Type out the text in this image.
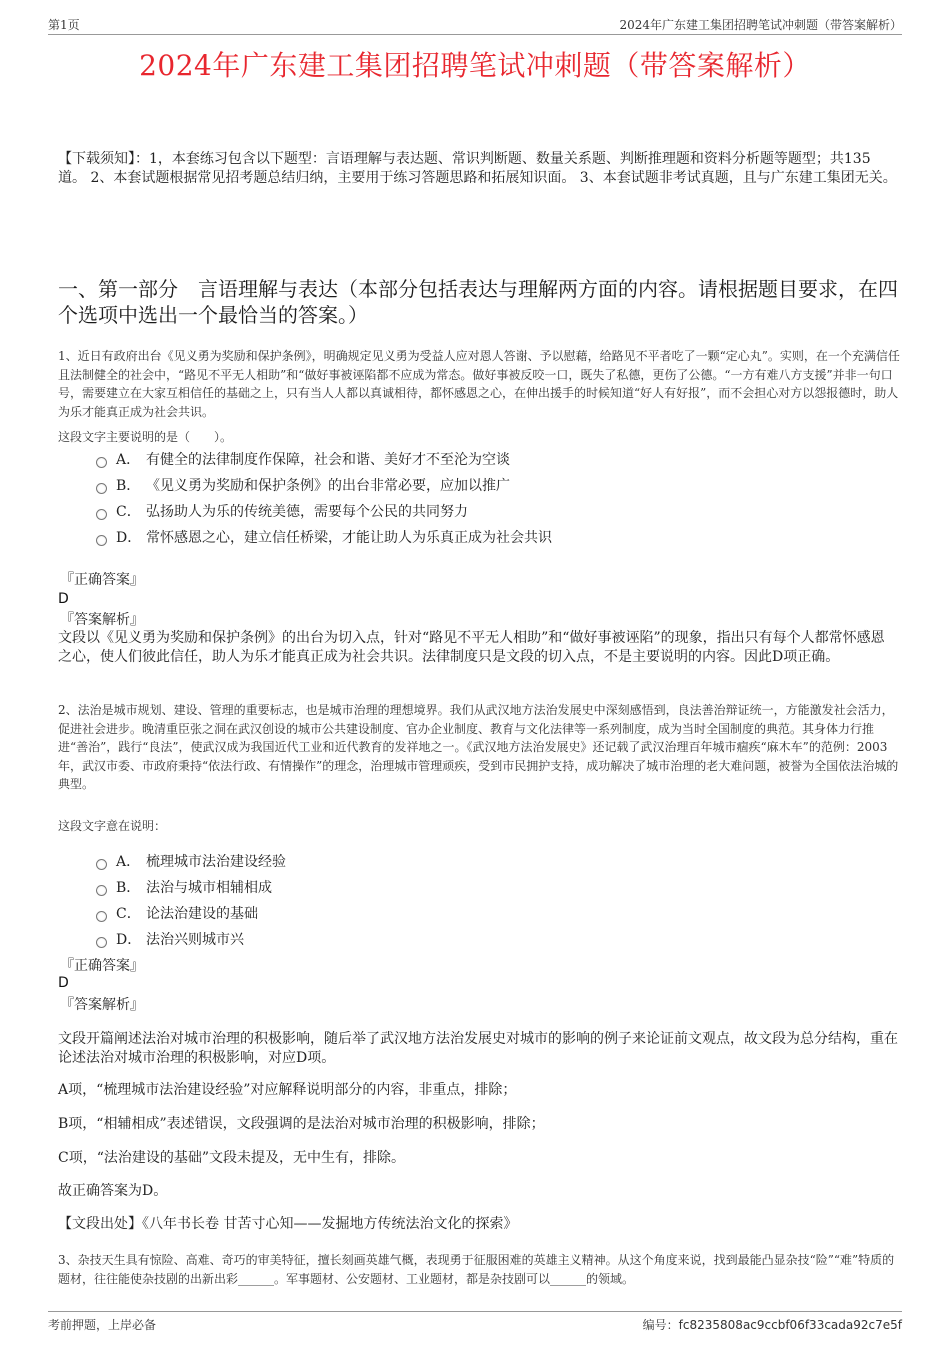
第1页	2024年广东建工集团招聘笔试冲刺题（带答案解析）
2024年广东建工集团招聘笔试冲刺题（带答案解析）
【下载须知】：1，本套练习包含以下题型：言语理解与表达题、常识判断题、数量关系题、判断推理题和资料分析题等题型；共135道。 2、本套试题根据常见招考题总结归纳，主要用于练习答题思路和拓展知识面。 3、本套试题非考试真题，且与广东建工集团无关。
一、第一部分　言语理解与表达（本部分包括表达与理解两方面的内容。请根据题目要求，在四个选项中选出一个最恰当的答案。）
1、近日有政府出台《见义勇为奖励和保护条例》，明确规定见义勇为受益人应对恩人答谢、予以慰藉，给路见不平者吃了一颗“定心丸”。实则，在一个充满信任且法制健全的社会中，“路见不平无人相助”和“做好事被诬陷都不应成为常态。做好事被反咬一口，既失了私德，更伤了公德。“一方有难八方支援”并非一句口号，需要建立在大家互相信任的基础之上，只有当人人都以真诚相待，都怀感恩之心，在伸出援手的时候知道“好人有好报”，而不会担心对方以怨报德时，助人为乐才能真正成为社会共识。
这段文字主要说明的是（　　）。
A． 有健全的法律制度作保障，社会和谐、美好才不至沦为空谈
B． 《见义勇为奖励和保护条例》的出台非常必要，应加以推广
C． 弘扬助人为乐的传统美德，需要每个公民的共同努力
D． 常怀感恩之心，建立信任桥梁，才能让助人为乐真正成为社会共识
『正确答案』
D
『答案解析』
文段以《见义勇为奖励和保护条例》的出台为切入点，针对“路见不平无人相助”和“做好事被诬陷”的现象，指出只有每个人都常怀感恩之心，使人们彼此信任，助人为乐才能真正成为社会共识。法律制度只是文段的切入点，不是主要说明的内容。因此D项正确。
2、法治是城市规划、建设、管理的重要标志，也是城市治理的理想境界。我们从武汉地方法治发展史中深刻感悟到，良法善治辩证统一，方能激发社会活力，促进社会进步。晚清重臣张之洞在武汉创设的城市公共建设制度、官办企业制度、教育与文化法律等一系列制度，成为当时全国制度的典范。其身体力行推进“善治”，践行“良法”，使武汉成为我国近代工业和近代教育的发祥地之一。《武汉地方法治发展史》还记载了武汉治理百年城市痼疾“麻木车”的范例：2003年，武汉市委、市政府秉持“依法行政、有情操作”的理念，治理城市管理顽疾，受到市民拥护支持，成功解决了城市治理的老大难问题，被誉为全国依法治城的典型。
这段文字意在说明：
A． 梳理城市法治建设经验
B． 法治与城市相辅相成
C． 论法治建设的基础
D． 法治兴则城市兴
『正确答案』
D
『答案解析』
文段开篇阐述法治对城市治理的积极影响，随后举了武汉地方法治发展史对城市的影响的例子来论证前文观点，故文段为总分结构，重在论述法治对城市治理的积极影响，对应D项。
A项，“梳理城市法治建设经验”对应解释说明部分的内容，非重点，排除；
B项，“相辅相成”表述错误，文段强调的是法治对城市治理的积极影响，排除；
C项，“法治建设的基础”文段未提及，无中生有，排除。
故正确答案为D。
【文段出处】《八年书长卷 甘苦寸心知——发掘地方传统法治文化的探索》
3、杂技天生具有惊险、高难、奇巧的审美特征，擅长刻画英雄气概，表现勇于征服困难的英雄主义精神。从这个角度来说，找到最能凸显杂技“险”“难”特质的题材，往往能使杂技剧的出新出彩______。军事题材、公安题材、工业题材，都是杂技剧可以______的领域。
考前押题，上岸必备	编号：fc8235808ac9ccbf06f33cada92c7e5f
